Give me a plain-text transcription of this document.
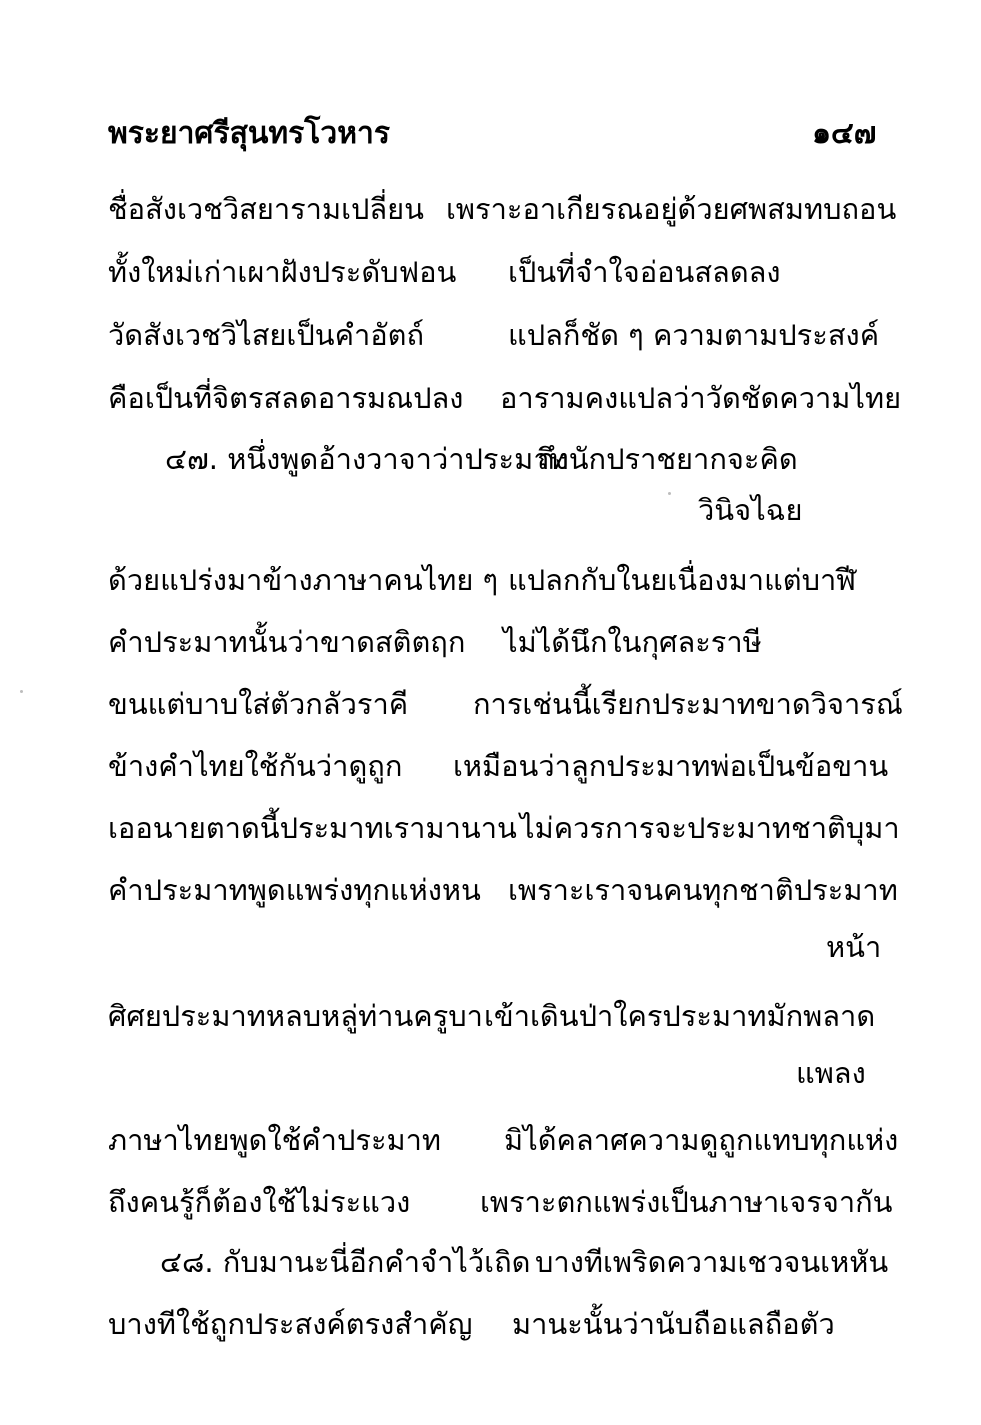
พระยาศรีสุนทรโวหาร	๑๔๗
ชื่อสังเวชวิสยารามเปลี่ยน เพราะอาเกียรณอยู่ด้วยศพสมทบถอน
ทั้งใหม่เก่าเผาฝังประดับฟอน เป็นที่จำใจอ่อนสลดลง
วัดสังเวชวิไสยเป็นคำอัตถ์	แปลก็ชัด ๆ ความตามประสงค์
คือเป็นที่จิตรสลดอารมณปลง อารามคงแปลว่าวัดชัดความไทย
๔๗. หนึ่งพูดอ้างวาจาว่าประมาท
ถึงนักปราชยากจะคิด
วินิจไฉย
ด้วยแปร่งมาข้างภาษาคนไทย ๆ แปลกกับในยเนื่องมาแต่บาฬี
คำประมาทนั้นว่าขาดสติตฤก ไม่ได้นึกในกุศละราษี
ขนแต่บาบใส่ตัวกลัวราคี การเช่นนี้เรียกประมาทขาดวิจารณ์
ข้างคำไทยใช้กันว่าดูถูก เหมือนว่าลูกประมาทพ่อเป็นข้อขาน
เออนายตาดนี้ประมาทเรามานาน ไม่ควรการจะประมาทชาติบุมา
คำประมาทพูดแพร่งทุกแห่งหน เพราะเราจนคนทุกชาติประมาท
หน้า
ศิศยประมาทหลบหลู่ท่านครูบา เข้าเดินป่าใครประมาทมักพลาด
แพลง
ภาษาไทยพูดใช้คำประมาท มิได้คลาศความดูถูกแทบทุกแห่ง
ถึงคนรู้ก็ต้องใช้ไม่ระแวง เพราะตกแพร่งเป็นภาษาเจรจากัน
๔๘. กับมานะนี่อีกคำจำไว้เถิด บางทีเพริดความเชวจนเหหัน
บางทีใช้ถูกประสงค์ตรงสำคัญ มานะนั้นว่านับถือแลถือตัว
